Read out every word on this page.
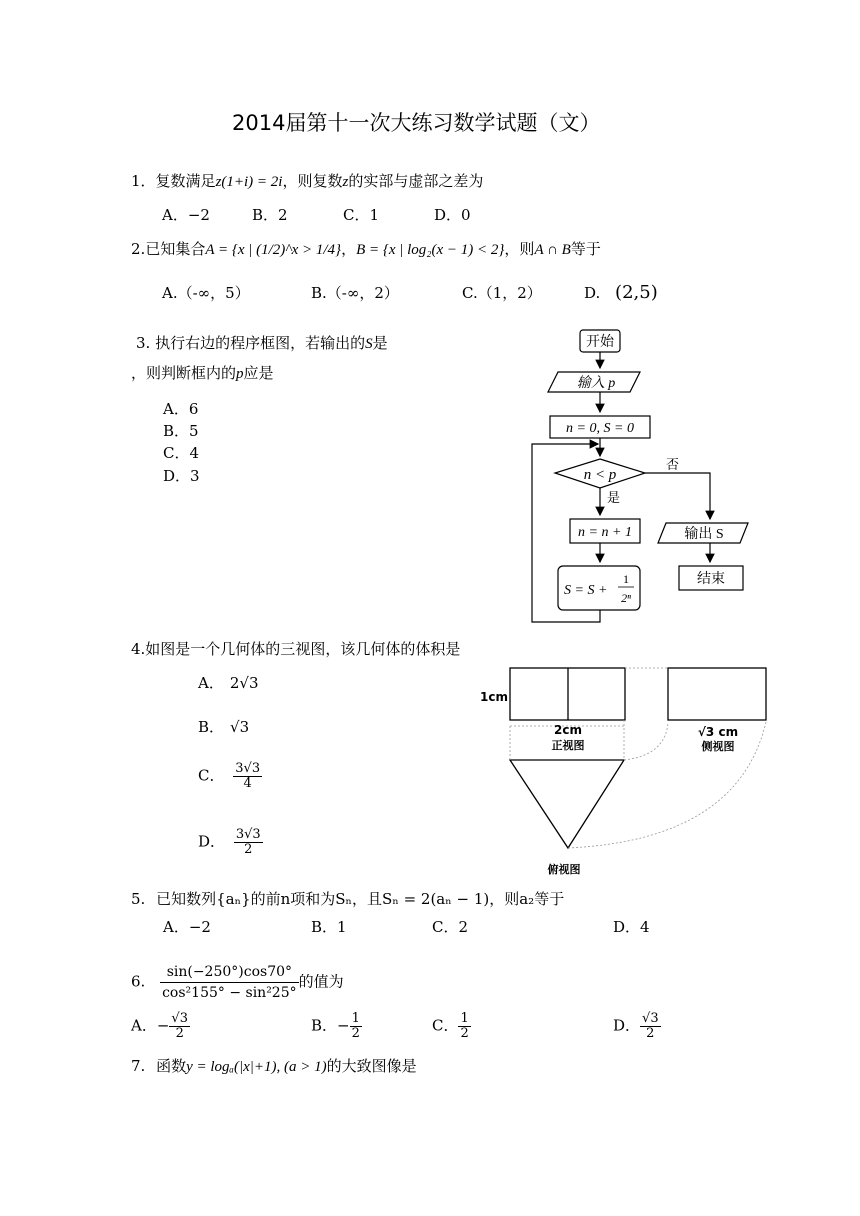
2014届第十一次大练习数学试题（文）
1．复数满足z(1+i) = 2i，则复数z的实部与虚部之差为
A．−2	B．2	C．1	D．0
2.已知集合A = {x | (1/2)^x > 1/4}，B = {x | log₂(x − 1) < 2}，则A ∩ B等于
A.（-∞，5）	B.（-∞，2）	C.（1，2）	D. (2,5)
3. 执行右边的程序框图，若输出的S是
，则判断框内的p应是
A．6
B．5
C．4
D．3
开始
输入 p
n = 0, S = 0
n < p
否
是
n = n + 1
S = S +
1
2ⁿ
输出 S
结束
4.如图是一个几何体的三视图，该几何体的体积是
A． 2√3
B． √3
C． $\frac{3√3}{4}$
D． $\frac{3√3}{2}$
1cm
2cm
正视图
√3 cm
侧视图
俯视图
5. 已知数列{aₙ}的前n项和为Sₙ，且Sₙ = 2(aₙ − 1)，则a₂等于
A．−2	B．1	C．2	D．4
6. $\frac{\sin(-250^\circ)\cos 70^\circ}{\text{cos²155° − sin²25°}}$ 的值为
A．− $\frac{√3}{2}$	B．− $\frac{1}{2}$	C． $\frac{1}{2}$	D． $\frac{√3}{2}$
7. 函数y = logₐ(|x|+1), (a > 1)的大致图像是
